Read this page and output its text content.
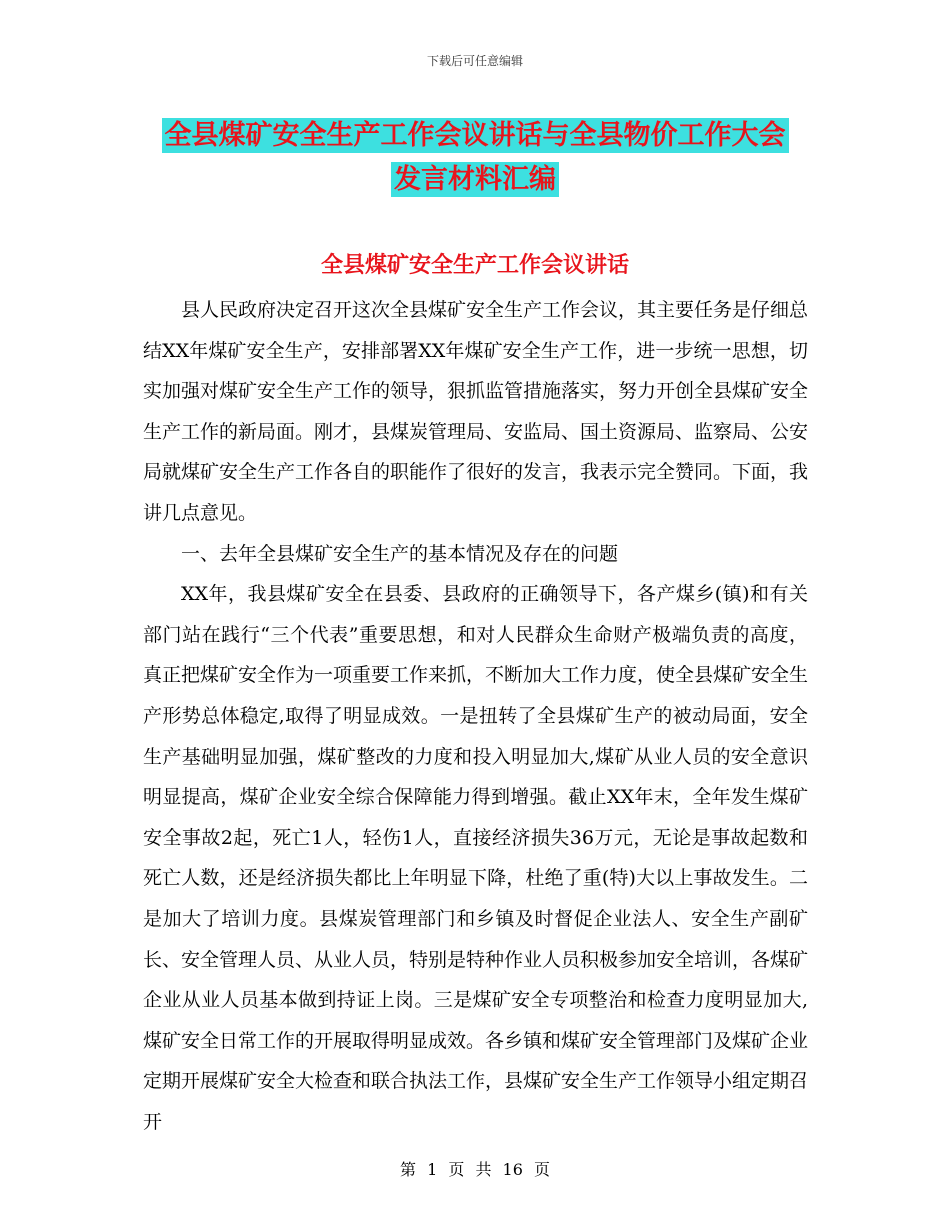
下载后可任意编辑
全县煤矿安全生产工作会议讲话与全县物价工作大会
发言材料汇编
全县煤矿安全生产工作会议讲话

县人民政府决定召开这次全县煤矿安全生产工作会议，其主要任务是仔细总结XX年煤矿安全生产，安排部署XX年煤矿安全生产工作，进一步统一思想，切实加强对煤矿安全生产工作的领导，狠抓监管措施落实，努力开创全县煤矿安全生产工作的新局面。刚才，县煤炭管理局、安监局、国土资源局、监察局、公安局就煤矿安全生产工作各自的职能作了很好的发言，我表示完全赞同。下面，我讲几点意见。

一、去年全县煤矿安全生产的基本情况及存在的问题

XX年，我县煤矿安全在县委、县政府的正确领导下，各产煤乡(镇)和有关部门站在践行“三个代表”重要思想，和对人民群众生命财产极端负责的高度，真正把煤矿安全作为一项重要工作来抓，不断加大工作力度，使全县煤矿安全生产形势总体稳定,取得了明显成效。一是扭转了全县煤矿生产的被动局面，安全生产基础明显加强，煤矿整改的力度和投入明显加大,煤矿从业人员的安全意识明显提高，煤矿企业安全综合保障能力得到增强。截止XX年末，全年发生煤矿安全事故2起，死亡1人，轻伤1人，直接经济损失36万元，无论是事故起数和死亡人数，还是经济损失都比上年明显下降，杜绝了重(特)大以上事故发生。二是加大了培训力度。县煤炭管理部门和乡镇及时督促企业法人、安全生产副矿长、安全管理人员、从业人员，特别是特种作业人员积极参加安全培训，各煤矿企业从业人员基本做到持证上岗。三是煤矿安全专项整治和检查力度明显加大,煤矿安全日常工作的开展取得明显成效。各乡镇和煤矿安全管理部门及煤矿企业定期开展煤矿安全大检查和联合执法工作，县煤矿安全生产工作领导小组定期召开

第 1 页 共 16 页
